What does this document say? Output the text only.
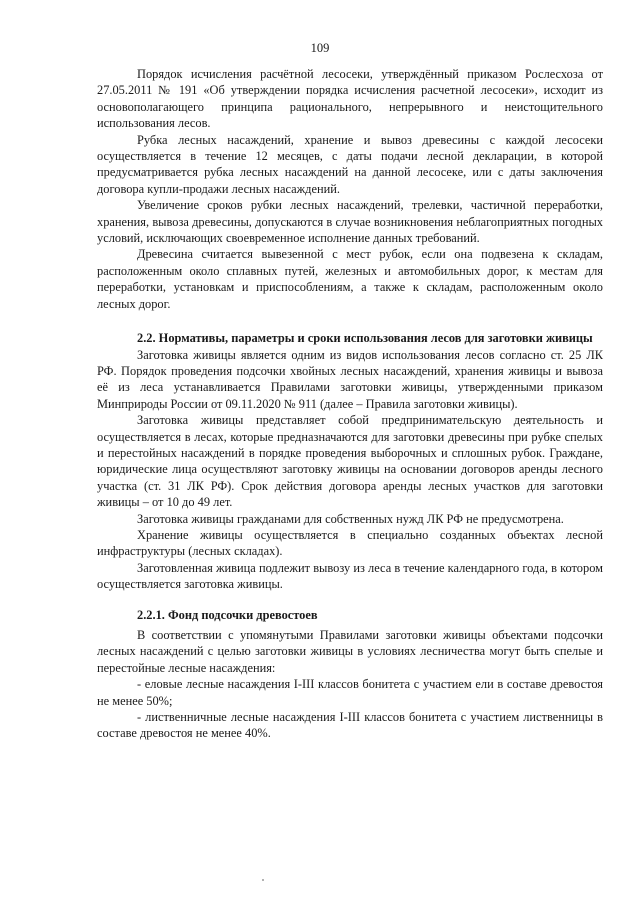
109

Порядок исчисления расчётной лесосеки, утверждённый приказом Рослесхоза от 27.05.2011 № 191 «Об утверждении порядка исчисления расчетной лесосеки», исходит из основополагающего принципа рационального, непрерывного и неистощительного использования лесов.

Рубка лесных насаждений, хранение и вывоз древесины с каждой лесосеки осуществляется в течение 12 месяцев, с даты подачи лесной декларации, в которой предусматривается рубка лесных насаждений на данной лесосеке, или с даты заключения договора купли-продажи лесных насаждений.

Увеличение сроков рубки лесных насаждений, трелевки, частичной переработки, хранения, вывоза древесины, допускаются в случае возникновения неблагоприятных погодных условий, исключающих своевременное исполнение данных требований.

Древесина считается вывезенной с мест рубок, если она подвезена к складам, расположенным около сплавных путей, железных и автомобильных дорог, к местам для переработки, установкам и приспособлениям, а также к складам, расположенным около лесных дорог.

2.2. Нормативы, параметры и сроки использования лесов для заготовки живицы

Заготовка живицы является одним из видов использования лесов согласно ст. 25 ЛК РФ. Порядок проведения подсочки хвойных лесных насаждений, хранения живицы и вывоза её из леса устанавливается Правилами заготовки живицы, утвержденными приказом Минприроды России от 09.11.2020 № 911 (далее – Правила заготовки живицы).

Заготовка живицы представляет собой предпринимательскую деятельность и осуществляется в лесах, которые предназначаются для заготовки древесины при рубке спелых и перестойных насаждений в порядке проведения выборочных и сплошных рубок. Граждане, юридические лица осуществляют заготовку живицы на основании договоров аренды лесного участка (ст. 31 ЛК РФ). Срок действия договора аренды лесных участков для заготовки живицы – от 10 до 49 лет.

Заготовка живицы гражданами для собственных нужд ЛК РФ не предусмотрена.

Хранение живицы осуществляется в специально созданных объектах лесной инфраструктуры (лесных складах).

Заготовленная живица подлежит вывозу из леса в течение календарного года, в котором осуществляется заготовка живицы.

2.2.1. Фонд подсочки древостоев

В соответствии с упомянутыми Правилами заготовки живицы объектами подсочки лесных насаждений с целью заготовки живицы в условиях лесничества могут быть спелые и перестойные лесные насаждения:

- еловые лесные насаждения I-III классов бонитета с участием ели в составе древостоя не менее 50%;

- лиственничные лесные насаждения I-III классов бонитета с участием лиственницы в составе древостоя не менее 40%.
